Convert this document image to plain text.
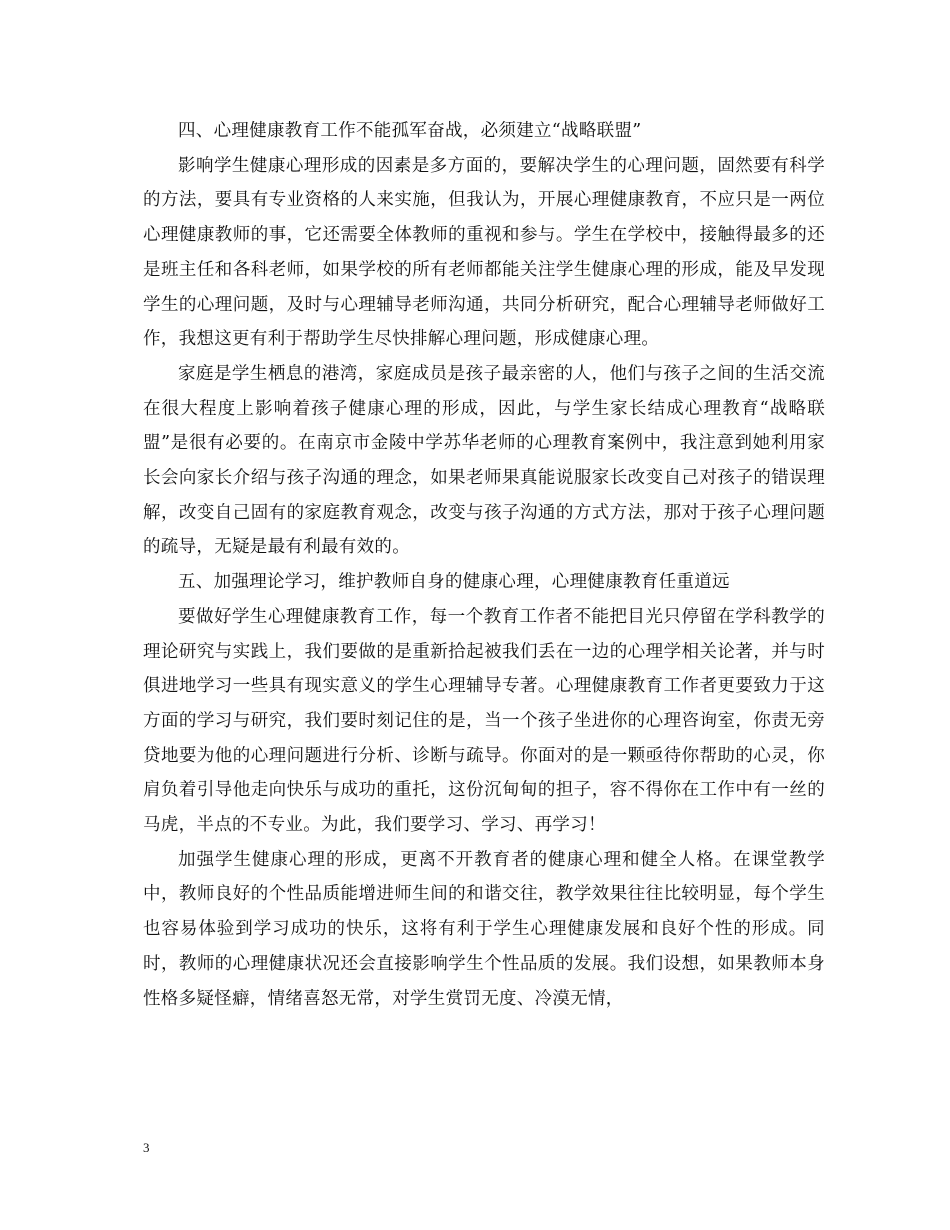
四、心理健康教育工作不能孤军奋战，必须建立“战略联盟”

影响学生健康心理形成的因素是多方面的，要解决学生的心理问题，固然要有科学的方法，要具有专业资格的人来实施，但我认为，开展心理健康教育，不应只是一两位心理健康教师的事，它还需要全体教师的重视和参与。学生在学校中，接触得最多的还是班主任和各科老师，如果学校的所有老师都能关注学生健康心理的形成，能及早发现学生的心理问题，及时与心理辅导老师沟通，共同分析研究，配合心理辅导老师做好工作，我想这更有利于帮助学生尽快排解心理问题，形成健康心理。

家庭是学生栖息的港湾，家庭成员是孩子最亲密的人，他们与孩子之间的生活交流在很大程度上影响着孩子健康心理的形成，因此，与学生家长结成心理教育“战略联盟”是很有必要的。在南京市金陵中学苏华老师的心理教育案例中，我注意到她利用家长会向家长介绍与孩子沟通的理念，如果老师果真能说服家长改变自己对孩子的错误理解，改变自己固有的家庭教育观念，改变与孩子沟通的方式方法，那对于孩子心理问题的疏导，无疑是最有利最有效的。

五、加强理论学习，维护教师自身的健康心理，心理健康教育任重道远

要做好学生心理健康教育工作，每一个教育工作者不能把目光只停留在学科教学的理论研究与实践上，我们要做的是重新拾起被我们丢在一边的心理学相关论著，并与时俱进地学习一些具有现实意义的学生心理辅导专著。心理健康教育工作者更要致力于这方面的学习与研究，我们要时刻记住的是，当一个孩子坐进你的心理咨询室，你责无旁贷地要为他的心理问题进行分析、诊断与疏导。你面对的是一颗亟待你帮助的心灵，你肩负着引导他走向快乐与成功的重托，这份沉甸甸的担子，容不得你在工作中有一丝的马虎，半点的不专业。为此，我们要学习、学习、再学习！

加强学生健康心理的形成，更离不开教育者的健康心理和健全人格。在课堂教学中，教师良好的个性品质能增进师生间的和谐交往，教学效果往往比较明显，每个学生也容易体验到学习成功的快乐，这将有利于学生心理健康发展和良好个性的形成。同时，教师的心理健康状况还会直接影响学生个性品质的发展。我们设想，如果教师本身性格多疑怪癖，情绪喜怒无常，对学生赏罚无度、冷漠无情，

3
